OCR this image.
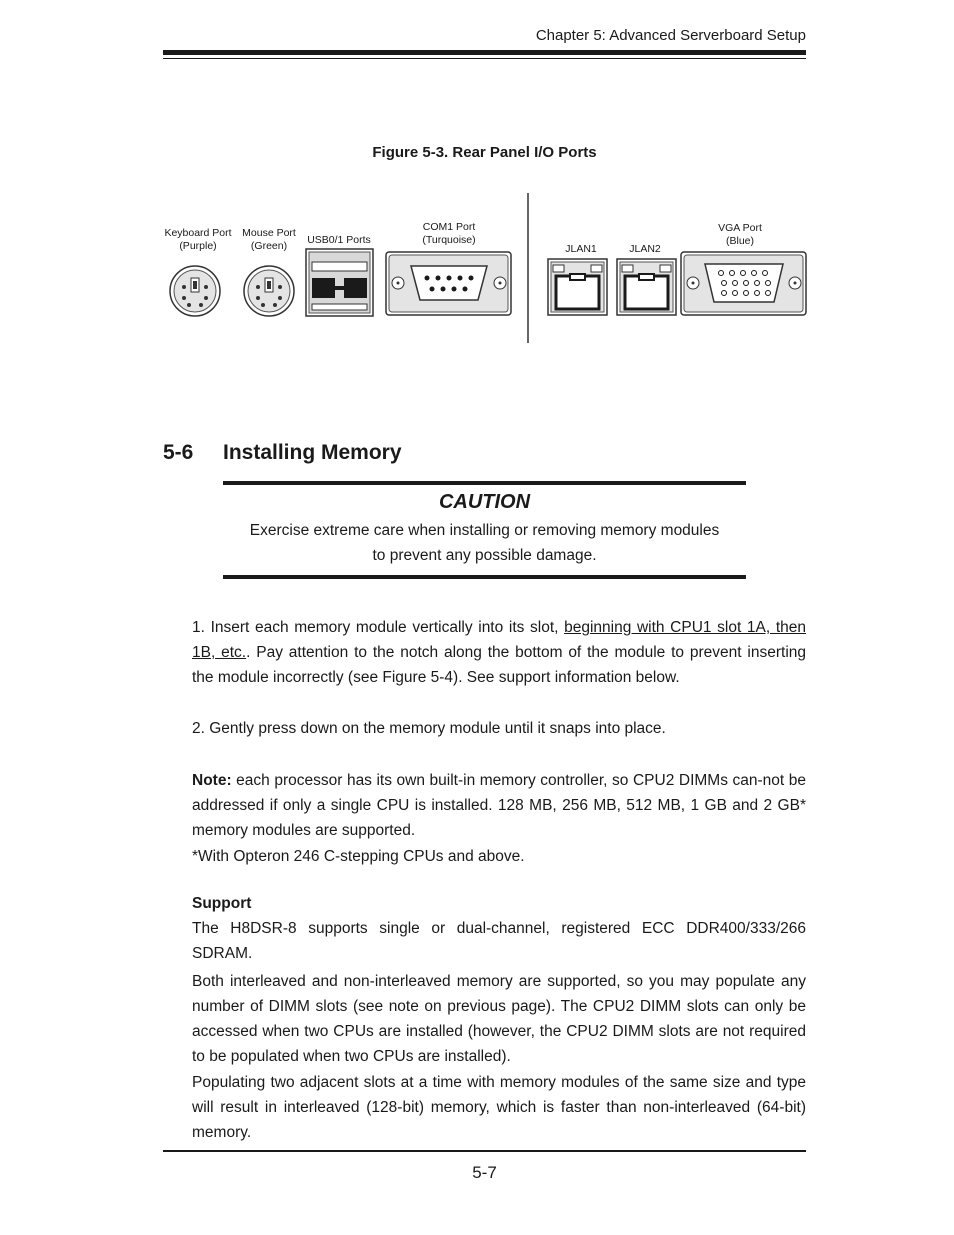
Chapter 5: Advanced Serverboard Setup
Figure 5-3. Rear Panel I/O Ports
Keyboard Port
(Purple)
Mouse Port
(Green)	USB0/1 Ports
COM1 Port
(Turquoise)
JLAN1	JLAN2
VGA Port
(Blue)
5-6 Installing Memory
CAUTION
Exercise extreme care when installing or removing memory modules
to prevent any possible damage.
1. Insert each memory module vertically into its slot, beginning with CPU1 slot 1A, then 1B, etc.. Pay attention to the notch along the bottom of the module to prevent inserting the module incorrectly (see Figure 5-4). See support information below.
2. Gently press down on the memory module until it snaps into place.
Note: each processor has its own built-in memory controller, so CPU2 DIMMs can-not be addressed if only a single CPU is installed. 128 MB, 256 MB, 512 MB, 1 GB and 2 GB* memory modules are supported.
*With Opteron 246 C-stepping CPUs and above.
Support
The H8DSR-8 supports single or dual-channel, registered ECC DDR400/333/266 SDRAM.
Both interleaved and non-interleaved memory are supported, so you may populate any number of DIMM slots (see note on previous page). The CPU2 DIMM slots can only be accessed when two CPUs are installed (however, the CPU2 DIMM slots are not required to be populated when two CPUs are installed).
Populating two adjacent slots at a time with memory modules of the same size and type will result in interleaved (128-bit) memory, which is faster than non-interleaved (64-bit) memory.
5-7
